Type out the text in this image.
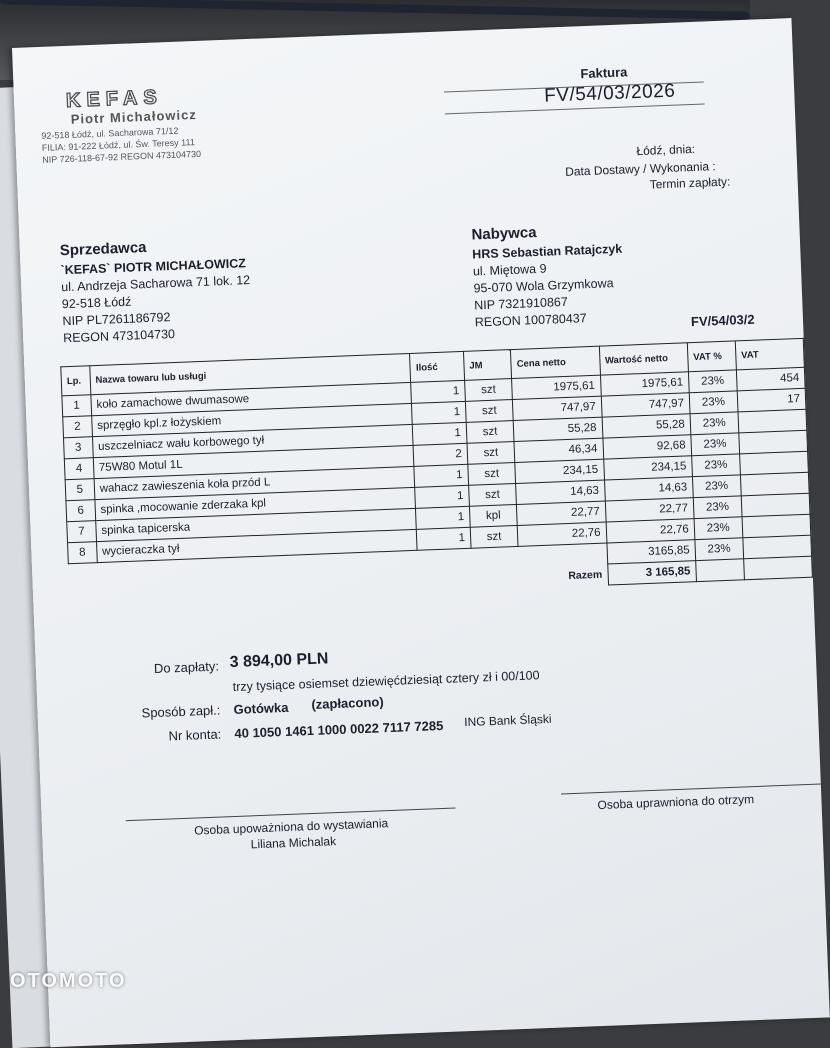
KEFAS
Piotr Michałowicz
92-518 Łódź, ul. Sacharowa 71/12
FILIA: 91-222 Łódź, ul. Św. Teresy 111
NIP 726-118-67-92 REGON 473104730
Faktura
FV/54/03/2026
Łódź, dnia:
Data Dostawy / Wykonania :
Termin zapłaty:
Sprzedawca
`KEFAS` PIOTR MICHAŁOWICZ
ul. Andrzeja Sacharowa 71 lok. 12
92-518 Łódź
NIP PL7261186792
REGON 473104730
Nabywca
HRS Sebastian Ratajczyk
ul. Miętowa 9
95-070 Wola Grzymkowa
NIP 7321910867
REGON 100780437	FV/54/03/2
Lp.	Nazwa towaru lub usługi	Ilość	JM	Cena netto	Wartość netto	VAT %	VAT
1	koło zamachowe dwumasowe	1	szt	1975,61	1975,61	23%	454
2	sprzęgło kpl.z łożyskiem	1	szt	747,97	747,97	23%	17
3	uszczelniacz wału korbowego tył	1	szt	55,28	55,28	23%	
4	75W80 Motul 1L	2	szt	46,34	92,68	23%	
5	wahacz zawieszenia koła przód L	1	szt	234,15	234,15	23%	
6	spinka ,mocowanie zderzaka kpl	1	szt	14,63	14,63	23%	
7	spinka tapicerska	1	kpl	22,77	22,77	23%	
8	wycieraczka tył	1	szt	22,76	22,76	23%	
					3165,85	23%	
				Razem	3 165,85		
Do zapłaty: 3 894,00 PLN
trzy tysiące osiemset dziewięćdziesiąt cztery zł i 00/100
Sposób zapł.: Gotówka (zapłacono)
Nr konta: 40 1050 1461 1000 0022 7117 7285 ING Bank Śląski
Osoba upoważniona do wystawiania
Liliana Michalak
Osoba uprawniona do otrzym
OTOMOTO
